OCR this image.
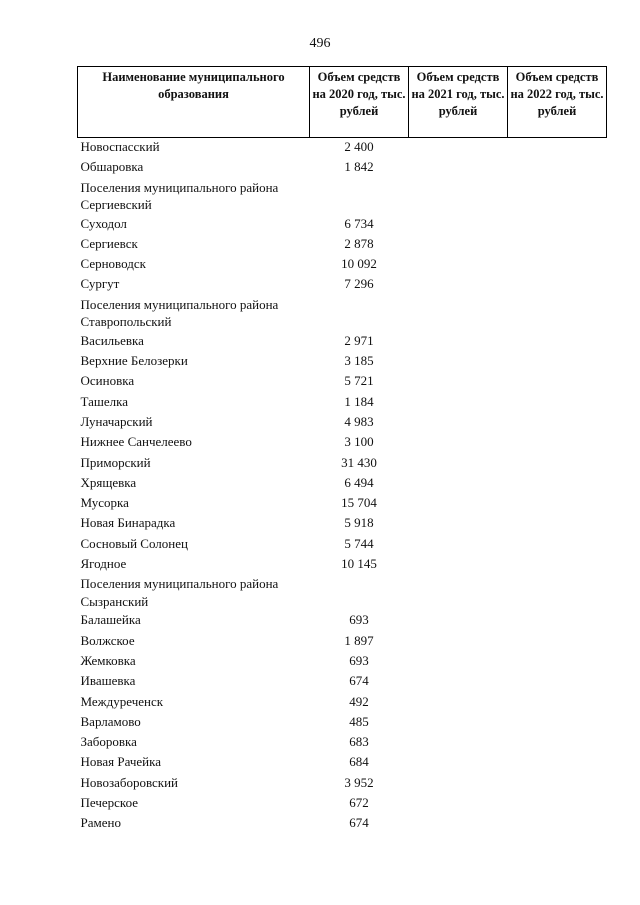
496
Наименование муниципального образования	Объем средств на 2020 год, тыс. рублей	Объем средств на 2021 год, тыс. рублей	Объем средств на 2022 год, тыс. рублей
Новоспасский	2 400		
Обшаровка	1 842		
Поселения муниципального района Сергиевский			
Суходол	6 734		
Сергиевск	2 878		
Серноводск	10 092		
Сургут	7 296		
Поселения муниципального района Ставропольский			
Васильевка	2 971		
Верхние Белозерки	3 185		
Осиновка	5 721		
Ташелка	1 184		
Луначарский	4 983		
Нижнее Санчелеево	3 100		
Приморский	31 430		
Хрящевка	6 494		
Мусорка	15 704		
Новая Бинарадка	5 918		
Сосновый Солонец	5 744		
Ягодное	10 145		
Поселения муниципального района Сызранский			
Балашейка	693		
Волжское	1 897		
Жемковка	693		
Ивашевка	674		
Междуреченск	492		
Варламово	485		
Заборовка	683		
Новая Рачейка	684		
Новозаборовский	3 952		
Печерское	672		
Рамено	674		
